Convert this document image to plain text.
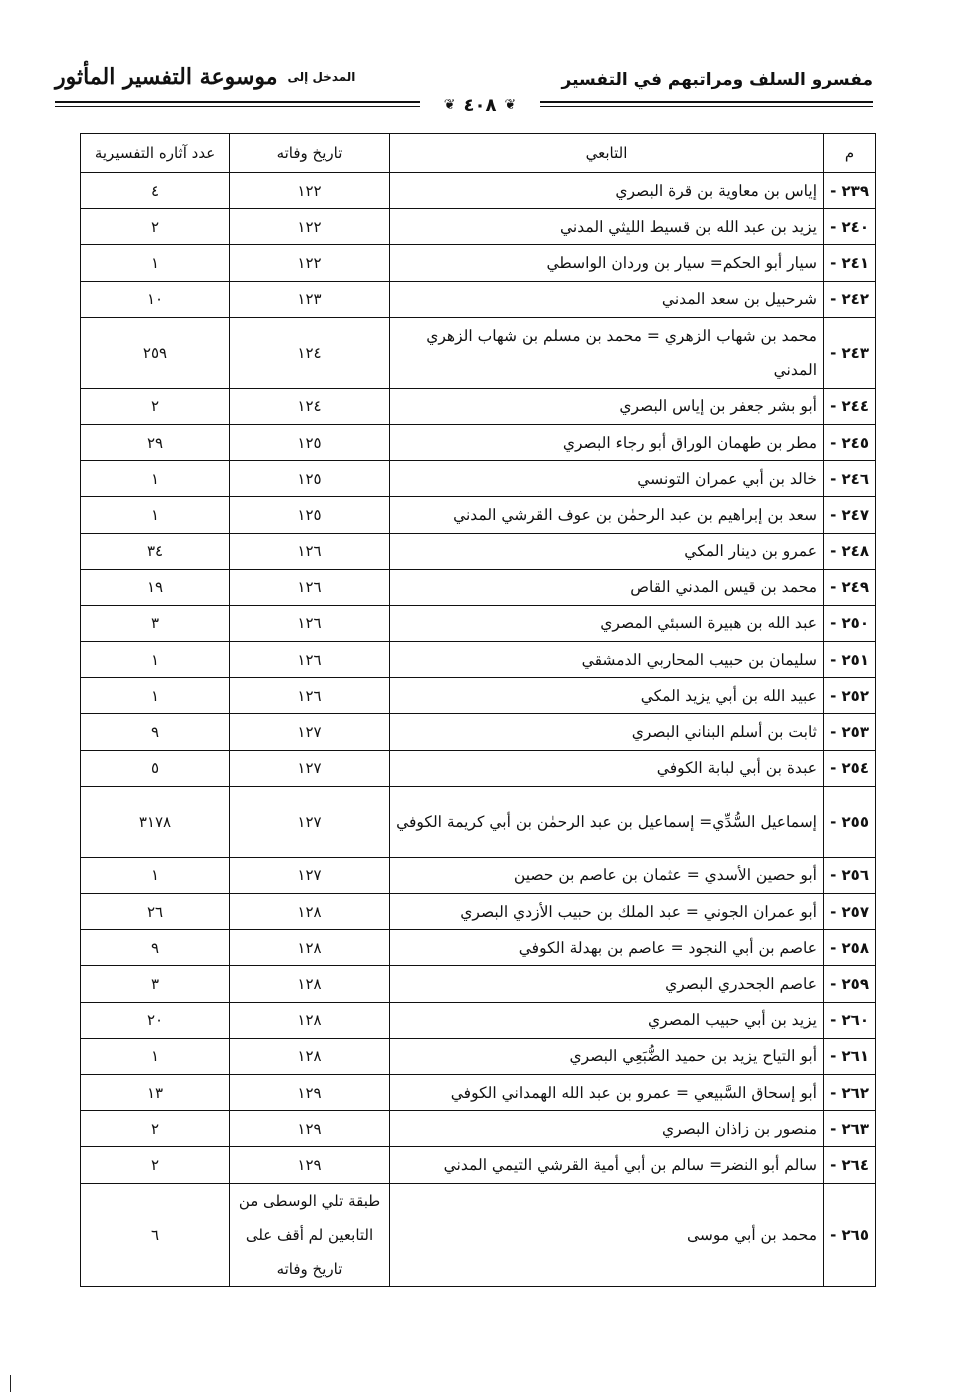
مفسرو السلف ومراتبهم في التفسير
المدخل إلى
موسوعة التفسير المأثور
❦ ٤٠٨ ❦
م	التابعي	تاريخ وفاته	عدد آثاره التفسيرية
٢٣٩ -	إياس بن معاوية بن قرة البصري	١٢٢	٤
٢٤٠ -	يزيد بن عبد الله بن قسيط الليثي المدني	١٢٢	٢
٢٤١ -	سيار أبو الحكم= سيار بن وردان الواسطي	١٢٢	١
٢٤٢ -	شرحبيل بن سعد المدني	١٢٣	١٠
٢٤٣ -	محمد بن شهاب الزهري = محمد بن مسلم بن شهاب الزهري المدني	١٢٤	٢٥٩
٢٤٤ -	أبو بشر جعفر بن إياس البصري	١٢٤	٢
٢٤٥ -	مطر بن طهمان الوراق أبو رجاء البصري	١٢٥	٢٩
٢٤٦ -	خالد بن أبي عمران التونسي	١٢٥	١
٢٤٧ -	سعد بن إبراهيم بن عبد الرحمٰن بن عوف القرشي المدني	١٢٥	١
٢٤٨ -	عمرو بن دينار المكي	١٢٦	٣٤
٢٤٩ -	محمد بن قيس المدني القاص	١٢٦	١٩
٢٥٠ -	عبد الله بن هبيرة السبئي المصري	١٢٦	٣
٢٥١ -	سليمان بن حبيب المحاربي الدمشقي	١٢٦	١
٢٥٢ -	عبيد الله بن أبي يزيد المكي	١٢٦	١
٢٥٣ -	ثابت بن أسلم البناني البصري	١٢٧	٩
٢٥٤ -	عبدة بن أبي لبابة الكوفي	١٢٧	٥
٢٥٥ -	إسماعيل السُّدِّي= إسماعيل بن عبد الرحمٰن بن أبي كريمة الكوفي	١٢٧	٣١٧٨
٢٥٦ -	أبو حصين الأسدي = عثمان بن عاصم بن حصين	١٢٧	١
٢٥٧ -	أبو عمران الجوني = عبد الملك بن حبيب الأزدي البصري	١٢٨	٢٦
٢٥٨ -	عاصم بن أبي النجود = عاصم بن بهدلة الكوفي	١٢٨	٩
٢٥٩ -	عاصم الجحدري البصري	١٢٨	٣
٢٦٠ -	يزيد بن أبي حبيب المصري	١٢٨	٢٠
٢٦١ -	أبو التياح يزيد بن حميد الضُّبَعِي البصري	١٢٨	١
٢٦٢ -	أبو إسحاق السَّبيعي = عمرو بن عبد الله الهمداني الكوفي	١٢٩	١٣
٢٦٣ -	منصور بن زاذان البصري	١٢٩	٢
٢٦٤ -	سالم أبو النضر= سالم بن أبي أمية القرشي التيمي المدني	١٢٩	٢
٢٦٥ -	محمد بن أبي موسى	طبقة تلي الوسطى من التابعين لم أقف على تاريخ وفاته	٦
